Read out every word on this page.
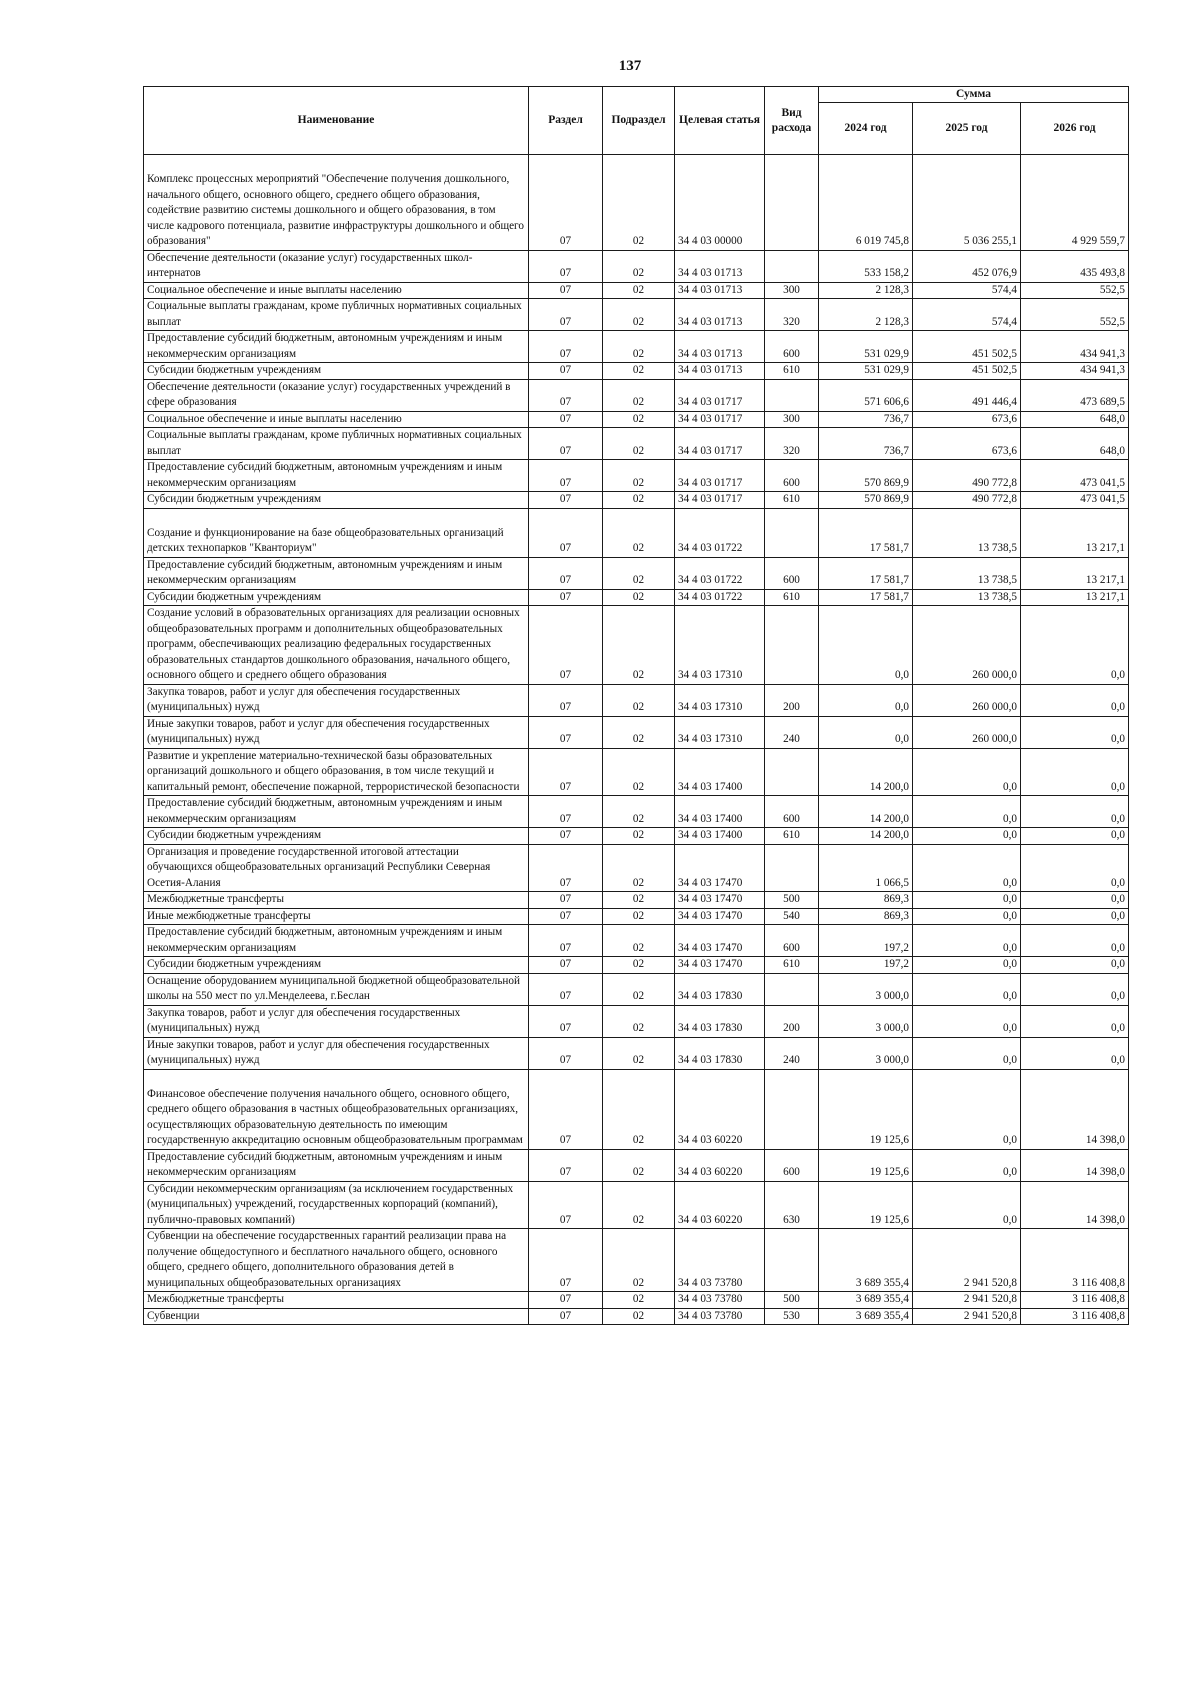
137
Наименование	Раздел	Подраздел	Целевая статья	Вид расхода	Сумма		
					2024 год	2025 год	2026 год
Комплекс процессных мероприятий "Обеспечение получения дошкольного, начального общего, основного общего, среднего общего образования, содействие развитию системы дошкольного и общего образования, в том числе кадрового потенциала, развитие инфраструктуры дошкольного и общего образования"	07	02	34 4 03 00000		6 019 745,8	5 036 255,1	4 929 559,7
Обеспечение деятельности (оказание услуг) государственных школ-интернатов	07	02	34 4 03 01713		533 158,2	452 076,9	435 493,8
Социальное обеспечение и иные выплаты населению	07	02	34 4 03 01713	300	2 128,3	574,4	552,5
Социальные выплаты гражданам, кроме публичных нормативных социальных выплат	07	02	34 4 03 01713	320	2 128,3	574,4	552,5
Предоставление субсидий бюджетным, автономным учреждениям и иным некоммерческим организациям	07	02	34 4 03 01713	600	531 029,9	451 502,5	434 941,3
Субсидии бюджетным учреждениям	07	02	34 4 03 01713	610	531 029,9	451 502,5	434 941,3
Обеспечение деятельности (оказание услуг) государственных учреждений в сфере образования	07	02	34 4 03 01717		571 606,6	491 446,4	473 689,5
Социальное обеспечение и иные выплаты населению	07	02	34 4 03 01717	300	736,7	673,6	648,0
Социальные выплаты гражданам, кроме публичных нормативных социальных выплат	07	02	34 4 03 01717	320	736,7	673,6	648,0
Предоставление субсидий бюджетным, автономным учреждениям и иным некоммерческим организациям	07	02	34 4 03 01717	600	570 869,9	490 772,8	473 041,5
Субсидии бюджетным учреждениям	07	02	34 4 03 01717	610	570 869,9	490 772,8	473 041,5
Создание и функционирование на базе общеобразовательных организаций детских технопарков "Кванториум"	07	02	34 4 03 01722		17 581,7	13 738,5	13 217,1
Предоставление субсидий бюджетным, автономным учреждениям и иным некоммерческим организациям	07	02	34 4 03 01722	600	17 581,7	13 738,5	13 217,1
Субсидии бюджетным учреждениям	07	02	34 4 03 01722	610	17 581,7	13 738,5	13 217,1
Создание условий в образовательных организациях для реализации основных общеобразовательных программ и дополнительных общеобразовательных программ, обеспечивающих реализацию федеральных государственных образовательных стандартов дошкольного образования, начального общего, основного общего и среднего общего образования	07	02	34 4 03 17310		0,0	260 000,0	0,0
Закупка товаров, работ и услуг для обеспечения государственных (муниципальных) нужд	07	02	34 4 03 17310	200	0,0	260 000,0	0,0
Иные закупки товаров, работ и услуг для обеспечения государственных (муниципальных) нужд	07	02	34 4 03 17310	240	0,0	260 000,0	0,0
Развитие и укрепление материально-технической базы образовательных организаций дошкольного и общего образования, в том числе текущий и капитальный ремонт, обеспечение пожарной, террористической безопасности	07	02	34 4 03 17400		14 200,0	0,0	0,0
Предоставление субсидий бюджетным, автономным учреждениям и иным некоммерческим организациям	07	02	34 4 03 17400	600	14 200,0	0,0	0,0
Субсидии бюджетным учреждениям	07	02	34 4 03 17400	610	14 200,0	0,0	0,0
Организация и проведение государственной итоговой аттестации обучающихся общеобразовательных организаций Республики Северная Осетия-Алания	07	02	34 4 03 17470		1 066,5	0,0	0,0
Межбюджетные трансферты	07	02	34 4 03 17470	500	869,3	0,0	0,0
Иные межбюджетные трансферты	07	02	34 4 03 17470	540	869,3	0,0	0,0
Предоставление субсидий бюджетным, автономным учреждениям и иным некоммерческим организациям	07	02	34 4 03 17470	600	197,2	0,0	0,0
Субсидии бюджетным учреждениям	07	02	34 4 03 17470	610	197,2	0,0	0,0
Оснащение оборудованием муниципальной бюджетной общеобразовательной школы на 550 мест по ул.Менделеева, г.Беслан	07	02	34 4 03 17830		3 000,0	0,0	0,0
Закупка товаров, работ и услуг для обеспечения государственных (муниципальных) нужд	07	02	34 4 03 17830	200	3 000,0	0,0	0,0
Иные закупки товаров, работ и услуг для обеспечения государственных (муниципальных) нужд	07	02	34 4 03 17830	240	3 000,0	0,0	0,0
Финансовое обеспечение получения начального общего, основного общего, среднего общего образования в частных общеобразовательных организациях, осуществляющих образовательную деятельность по имеющим государственную аккредитацию основным общеобразовательным программам	07	02	34 4 03 60220		19 125,6	0,0	14 398,0
Предоставление субсидий бюджетным, автономным учреждениям и иным некоммерческим организациям	07	02	34 4 03 60220	600	19 125,6	0,0	14 398,0
Субсидии некоммерческим организациям (за исключением государственных (муниципальных) учреждений, государственных корпораций (компаний), публично-правовых компаний)	07	02	34 4 03 60220	630	19 125,6	0,0	14 398,0
Субвенции на обеспечение государственных гарантий реализации права на получение общедоступного и бесплатного начального общего, основного общего, среднего общего, дополнительного образования детей в муниципальных общеобразовательных организациях	07	02	34 4 03 73780		3 689 355,4	2 941 520,8	3 116 408,8
Межбюджетные трансферты	07	02	34 4 03 73780	500	3 689 355,4	2 941 520,8	3 116 408,8
Субвенции	07	02	34 4 03 73780	530	3 689 355,4	2 941 520,8	3 116 408,8
